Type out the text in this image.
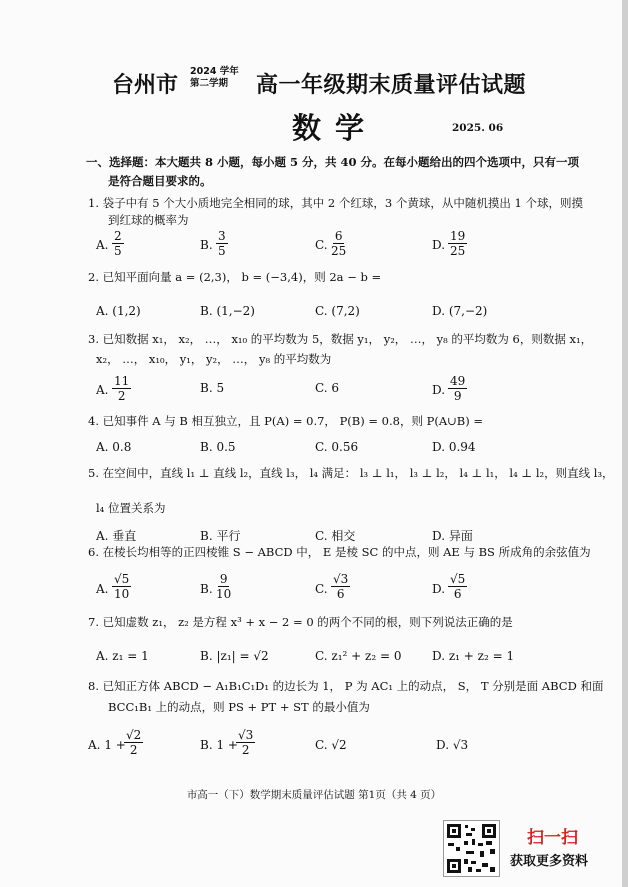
台州市
2024 学年
第二学期	高一年级期末质量评估试题
数学	2025. 06
一、选择题：本大题共 8 小题，每小题 5 分，共 40 分。在每小题给出的四个选项中，只有一项
是符合题目要求的。
1. 袋子中有 5 个大小质地完全相同的球，其中 2 个红球，3 个黄球，从中随机摸出 1 个球，则摸
到红球的概率为
A. $\frac{2}{5}$	B. $\frac{3}{5}$	C. $\frac{6}{25}$	D. $\frac{19}{25}$
2. 已知平面向量 a = (2,3)， b = (−3,4)，则 2a − b =
A. (1,2)	B. (1,−2)	C. (7,2)	D. (7,−2)
3. 已知数据 x₁， x₂， …， x₁₀ 的平均数为 5，数据 y₁， y₂， …， y₈ 的平均数为 6，则数据 x₁，
x₂， …， x₁₀， y₁， y₂， …， y₈ 的平均数为
A. $\frac{11}{2}$	B. 5	C. 6	D. $\frac{49}{9}$
4. 已知事件 A 与 B 相互独立，且 P(A) = 0.7， P(B) = 0.8，则 P(A∪B) =
A. 0.8	B. 0.5	C. 0.56	D. 0.94
5. 在空间中，直线 l₁ ⊥ 直线 l₂，直线 l₃， l₄ 满足： l₃ ⊥ l₁， l₃ ⊥ l₂， l₄ ⊥ l₁， l₄ ⊥ l₂，则直线 l₃，
l₄ 位置关系为
A. 垂直	B. 平行	C. 相交	D. 异面
6. 在棱长均相等的正四棱锥 S − ABCD 中， E 是棱 SC 的中点，则 AE 与 BS 所成角的余弦值为
A. $\frac{√5}{10}$	B. $\frac{9}{10}$	C. $\frac{√3}{6}$	D. $\frac{√5}{6}$
7. 已知虚数 z₁， z₂ 是方程 x³ + x − 2 = 0 的两个不同的根，则下列说法正确的是
A. z₁ = 1	B. |z₁| = √2	C. z₁² + z₂ = 0	D. z₁ + z₂ = 1
8. 已知正方体 ABCD − A₁B₁C₁D₁ 的边长为 1， P 为 AC₁ 上的动点， S， T 分别是面 ABCD 和面
BCC₁B₁ 上的动点，则 PS + PT + ST 的最小值为
A. 1 +
$\frac{√2}{2}$	B. 1 +
$\frac{√3}{2}$	C. √2	D. √3
市高一（下）数学期末质量评估试题 第1页（共 4 页）
扫一扫
获取更多资料
